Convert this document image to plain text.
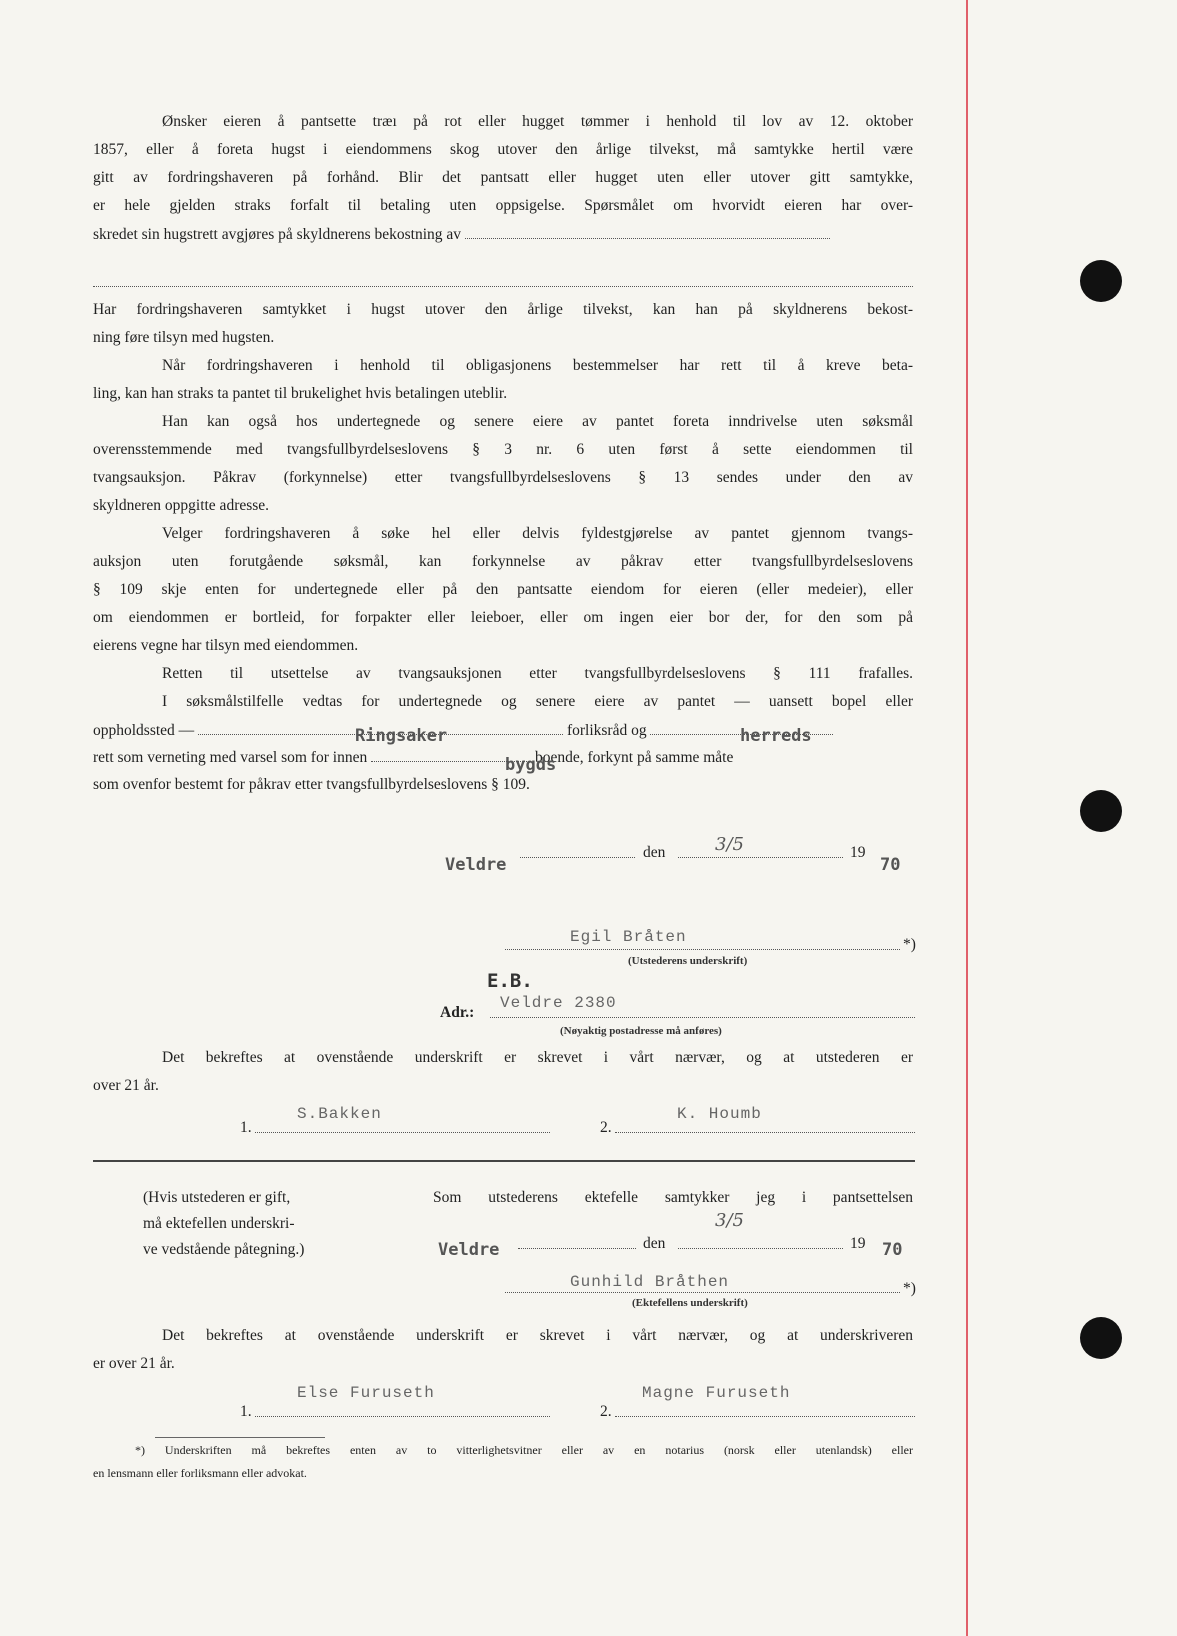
Ønsker eieren å pantsette træı på rot eller hugget tømmer i henhold til lov av 12. oktober
1857, eller å foreta hugst i eiendommens skog utover den årlige tilvekst, må samtykke hertil være
gitt av fordringshaveren på forhånd. Blir det pantsatt eller hugget uten eller utover gitt samtykke,
er hele gjelden straks forfalt til betaling uten oppsigelse. Spørsmålet om hvorvidt eieren har over-
skredet sin hugstrett avgjøres på skyldnerens bekostning av
Har fordringshaveren samtykket i hugst utover den årlige tilvekst, kan han på skyldnerens bekost-
ning føre tilsyn med hugsten.
Når fordringshaveren i henhold til obligasjonens bestemmelser har rett til å kreve beta-
ling, kan han straks ta pantet til brukelighet hvis betalingen uteblir.
Han kan også hos undertegnede og senere eiere av pantet foreta inndrivelse uten søksmål
overensstemmende med tvangsfullbyrdelseslovens § 3 nr. 6 uten først å sette eiendommen til
tvangsauksjon. Påkrav (forkynnelse) etter tvangsfullbyrdelseslovens § 13 sendes under den av
skyldneren oppgitte adresse.
Velger fordringshaveren å søke hel eller delvis fyldestgjørelse av pantet gjennom tvangs-
auksjon uten forutgående søksmål, kan forkynnelse av påkrav etter tvangsfullbyrdelseslovens
§ 109 skje enten for undertegnede eller på den pantsatte eiendom for eieren (eller medeier), eller
om eiendommen er bortleid, for forpakter eller leieboer, eller om ingen eier bor der, for den som på
eierens vegne har tilsyn med eiendommen.
Retten til utsettelse av tvangsauksjonen etter tvangsfullbyrdelseslovens § 111 frafalles.
I søksmålstilfelle vedtas for undertegnede og senere eiere av pantet — uansett bopel eller
oppholdssted —	forliksråd og
Ringsaker	herreds
rett som verneting med varsel som for innen	boende, forkynt på samme måte
bygds
som ovenfor bestemt for påkrav etter tvangsfullbyrdelseslovens § 109.
Veldre
den	3/5	19
70
Egil Bråten	*)
(Utstederens underskrift)
E.B.
Adr.:
Veldre 2380
(Nøyaktig postadresse må anføres)
Det bekreftes at ovenstående underskrift er skrevet i vårt nærvær, og at utstederen er
over 21 år.
1.
S.Bakken
2.
K. Houmb
(Hvis utstederen er gift,
må ektefellen underskri-
ve vedstående påtegning.)
Som utstederens ektefelle samtykker jeg i pantsettelsen
Veldre	den
3/5
19 70
Gunhild Bråthen	*)
(Ektefellens underskrift)
Det bekreftes at ovenstående underskrift er skrevet i vårt nærvær, og at underskriveren
er over 21 år.
1.
Else Furuseth
2.
Magne Furuseth
*) Underskriften må bekreftes enten av to vitterlighetsvitner eller av en notarius (norsk eller utenlandsk) eller
en lensmann eller forliksmann eller advokat.
